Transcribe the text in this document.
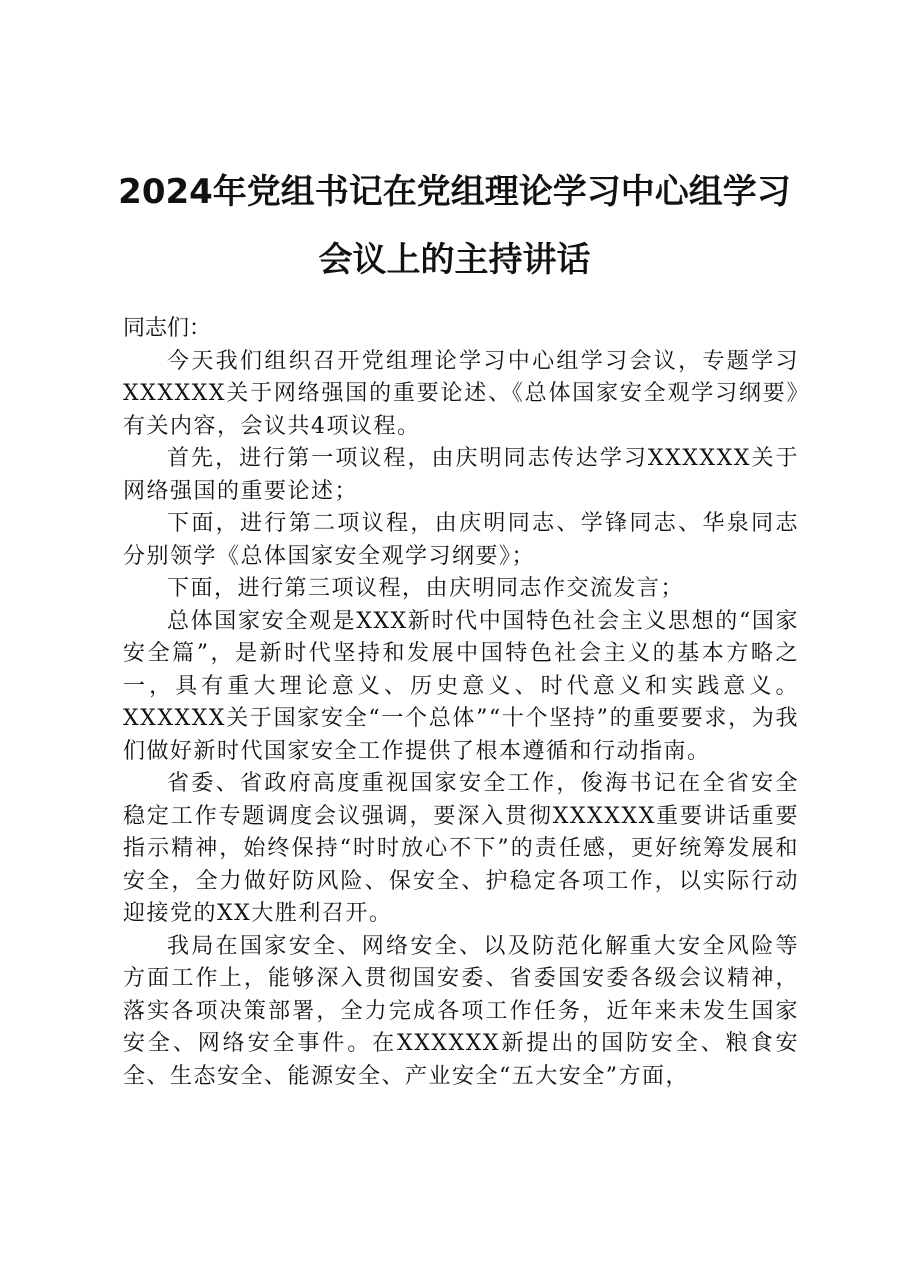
2024年党组书记在党组理论学习中心组学习
会议上的主持讲话

同志们：

今天我们组织召开党组理论学习中心组学习会议，专题学习XXXXXX关于网络强国的重要论述、《总体国家安全观学习纲要》有关内容，会议共4项议程。

首先，进行第一项议程，由庆明同志传达学习XXXXXX关于网络强国的重要论述；

下面，进行第二项议程，由庆明同志、学锋同志、华泉同志分别领学《总体国家安全观学习纲要》；

下面，进行第三项议程，由庆明同志作交流发言；

总体国家安全观是XXX新时代中国特色社会主义思想的“国家安全篇”，是新时代坚持和发展中国特色社会主义的基本方略之一，具有重大理论意义、历史意义、时代意义和实践意义。XXXXXX关于国家安全“一个总体”“十个坚持”的重要要求，为我们做好新时代国家安全工作提供了根本遵循和行动指南。

省委、省政府高度重视国家安全工作，俊海书记在全省安全稳定工作专题调度会议强调，要深入贯彻XXXXXX重要讲话重要指示精神，始终保持“时时放心不下”的责任感，更好统筹发展和安全，全力做好防风险、保安全、护稳定各项工作，以实际行动迎接党的XX大胜利召开。

我局在国家安全、网络安全、以及防范化解重大安全风险等方面工作上，能够深入贯彻国安委、省委国安委各级会议精神，落实各项决策部署，全力完成各项工作任务，近年来未发生国家安全、网络安全事件。在XXXXXX新提出的国防安全、粮食安全、生态安全、能源安全、产业安全“五大安全”方面，
